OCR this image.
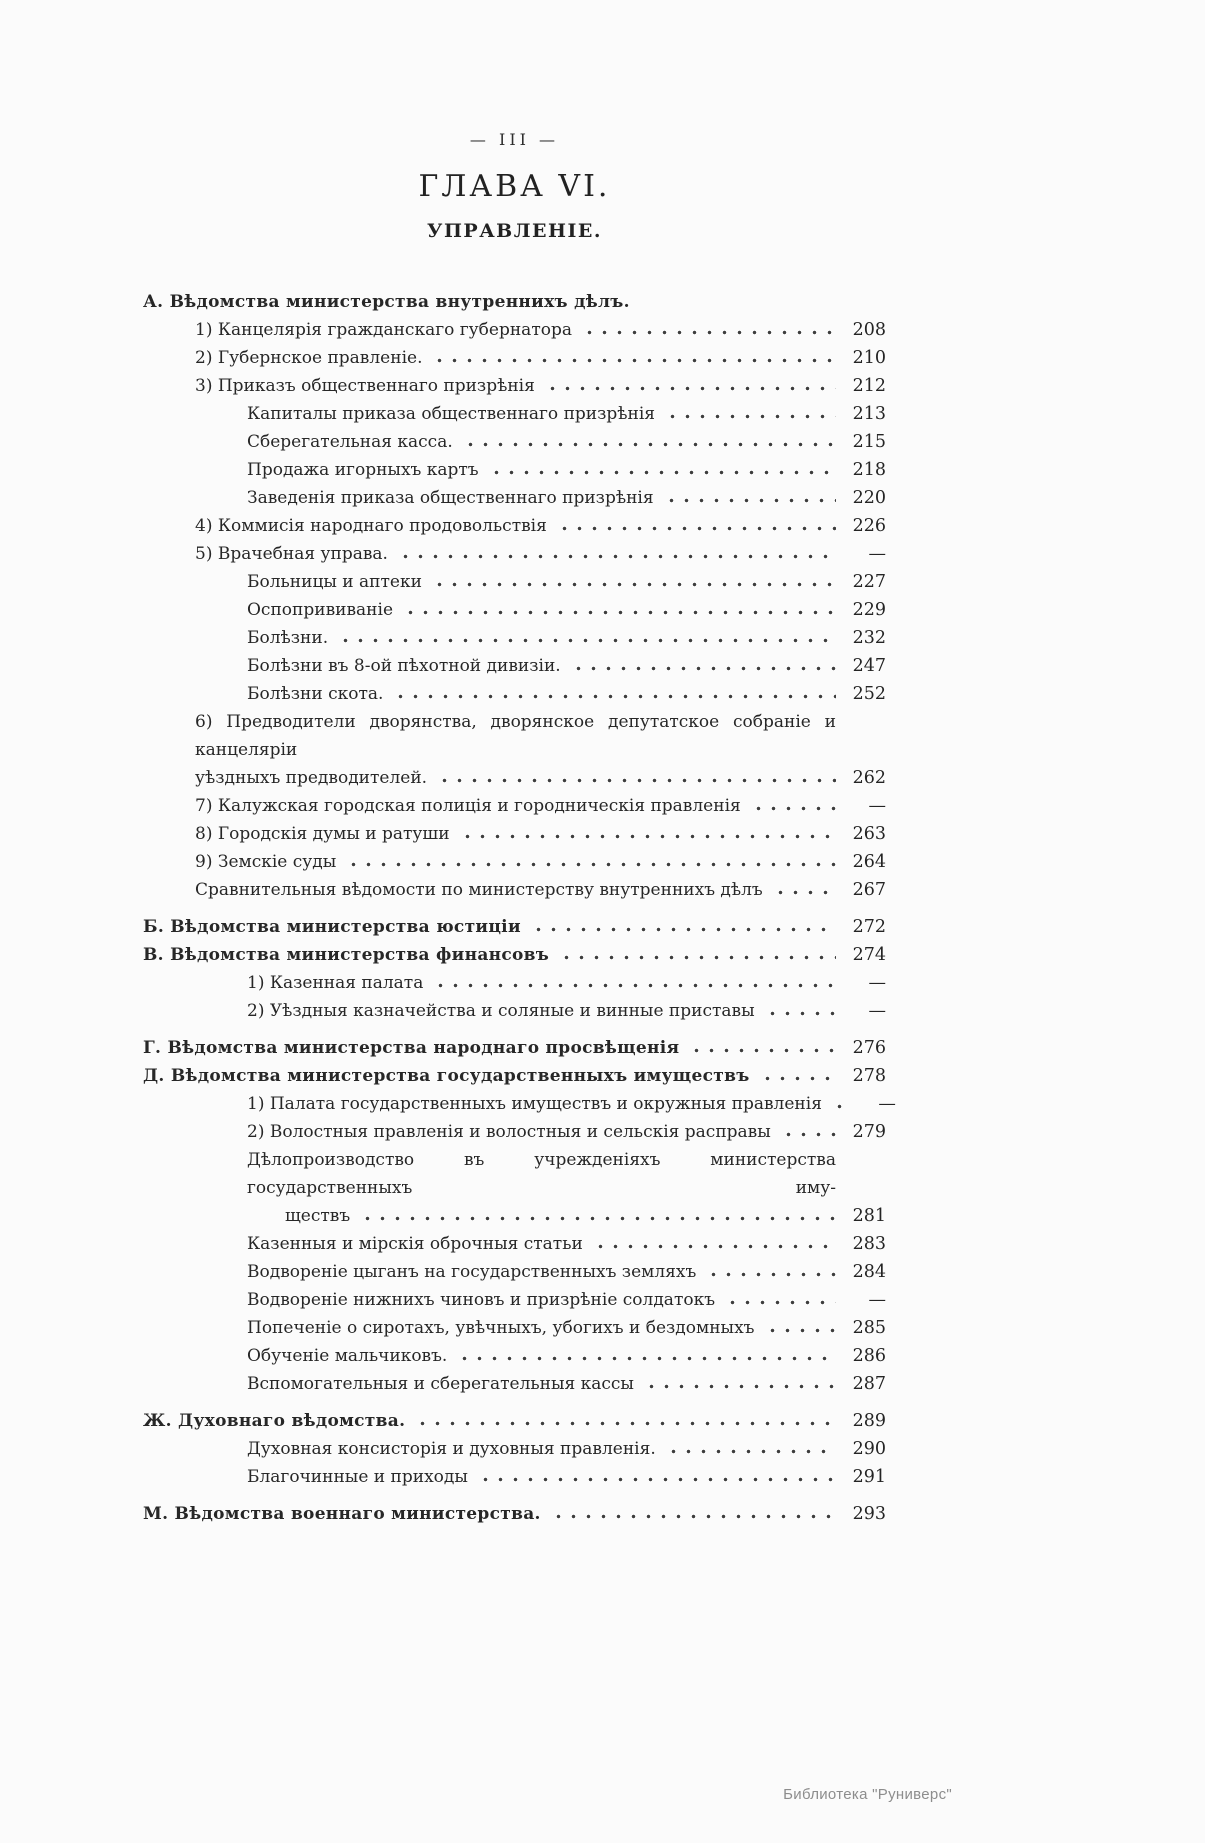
— III —
ГЛАВА VI.
УПРАВЛЕНІЕ.
А. Вѣдомства министерства внутреннихъ дѣлъ.
1) Канцелярія гражданскаго губернатора	208
2) Губернское правленіе.	210
3) Приказъ общественнаго призрѣнія	212
Капиталы приказа общественнаго призрѣнія	213
Сберегательная касса.	215
Продажа игорныхъ картъ	218
Заведенія приказа общественнаго призрѣнія	220
4) Коммисія народнаго продовольствія	226
5) Врачебная управа.	—
Больницы и аптеки	227
Оспопрививаніе	229
Болѣзни.	232
Болѣзни въ 8-ой пѣхотной дивизіи.	247
Болѣзни скота.	252
6) Предводители дворянства, дворянское депутатское собраніе и канцеляріи
уѣздныхъ предводителей.	262
7) Калужская городская полиція и городническія правленія	—
8) Городскія думы и ратуши	263
9) Земскіе суды	264
Сравнительныя вѣдомости по министерству внутреннихъ дѣлъ	267
Б. Вѣдомства министерства юстиціи	272
В. Вѣдомства министерства финансовъ	274
1) Казенная палата	—
2) Уѣздныя казначейства и соляные и винные приставы	—
Г. Вѣдомства министерства народнаго просвѣщенія	276
Д. Вѣдомства министерства государственныхъ имуществъ	278
1) Палата государственныхъ имуществъ и окружныя правленія	—
2) Волостныя правленія и волостныя и сельскія расправы	279
Дѣлопроизводство въ учрежденіяхъ министерства государственныхъ иму-
ществъ	281
Казенныя и мірскія оброчныя статьи	283
Водвореніе цыганъ на государственныхъ земляхъ	284
Водвореніе нижнихъ чиновъ и призрѣніе солдатокъ	—
Попеченіе о сиротахъ, увѣчныхъ, убогихъ и бездомныхъ	285
Обученіе мальчиковъ.	286
Вспомогательныя и сберегательныя кассы	287
Ж. Духовнаго вѣдомства.	289
Духовная консисторія и духовныя правленія.	290
Благочинные и приходы	291
М. Вѣдомства военнаго министерства.	293
Библиотека "Руниверс"
